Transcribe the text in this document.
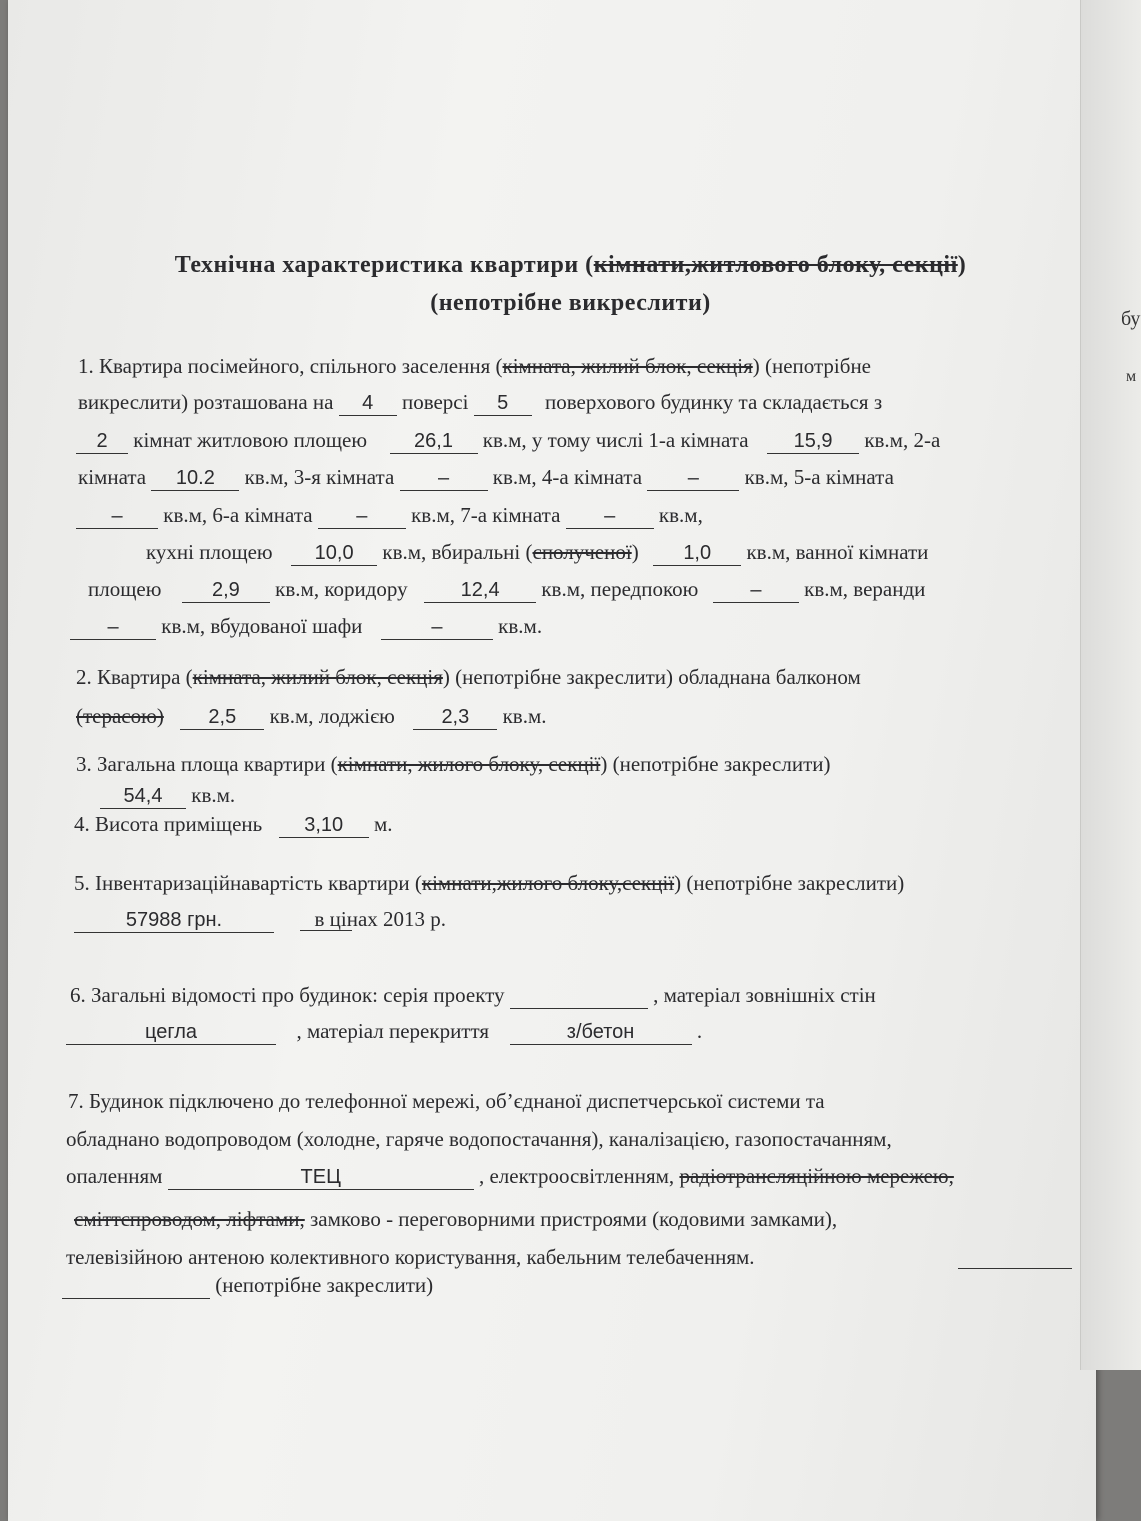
бу
м
Технічна характеристика квартири (кімнати,житлового блоку, секції)
(непотрібне викреслити)
1. Квартира посімейного, спільного заселення (кімната, жилий блок, секція) (непотрібне
викреслити) розташована на 4 поверсі 5 поверхового будинку та складається з
2 кімнат житловою площею 26,1 кв.м, у тому числі 1-а кімната 15,9 кв.м, 2-а
кімната 10.2 кв.м, 3-я кімната – кв.м, 4-а кімната – кв.м, 5-а кімната
– кв.м, 6-а кімната – кв.м, 7-а кімната – кв.м,
кухні площею 10,0 кв.м, вбиральні (сполученої) 1,0 кв.м, ванної кімнати
площею	2,9 кв.м, коридору	12,4 кв.м, передпокою	– кв.м, веранди
– кв.м, вбудованої шафи	–	кв.м.
2. Квартира (кімната, жилий блок, секція) (непотрібне закреслити) обладнана балконом
(терасою) 2,5 кв.м, лоджією 2,3 кв.м.
3. Загальна площа квартири (кімнати, жилого блоку, секції) (непотрібне закреслити)
54,4 кв.м.
4. Висота приміщень 3,10 м.
5. Інвентаризаційнавартість квартири (кімнати,жилого блоку,секції) (непотрібне закреслити)
57988 грн.	в цінах 2013 р.
6. Загальні відомості про будинок: серія проекту	, матеріал зовнішніх стін
цегла	, матеріал перекриття	з/бетон	.
7. Будинок підключено до телефонної мережі, об’єднаної диспетчерської системи та
обладнано водопроводом (холодне, гаряче водопостачання), каналізацією, газопостачанням,
опаленням	ТЕЦ	, електроосвітленням, радіотрансляційною мережею,
сміттєпроводом, ліфтами, замково - переговорними пристроями (кодовими замками),
телевізійною антеною колективного користування, кабельним телебаченням.
(непотрібне закреслити)
